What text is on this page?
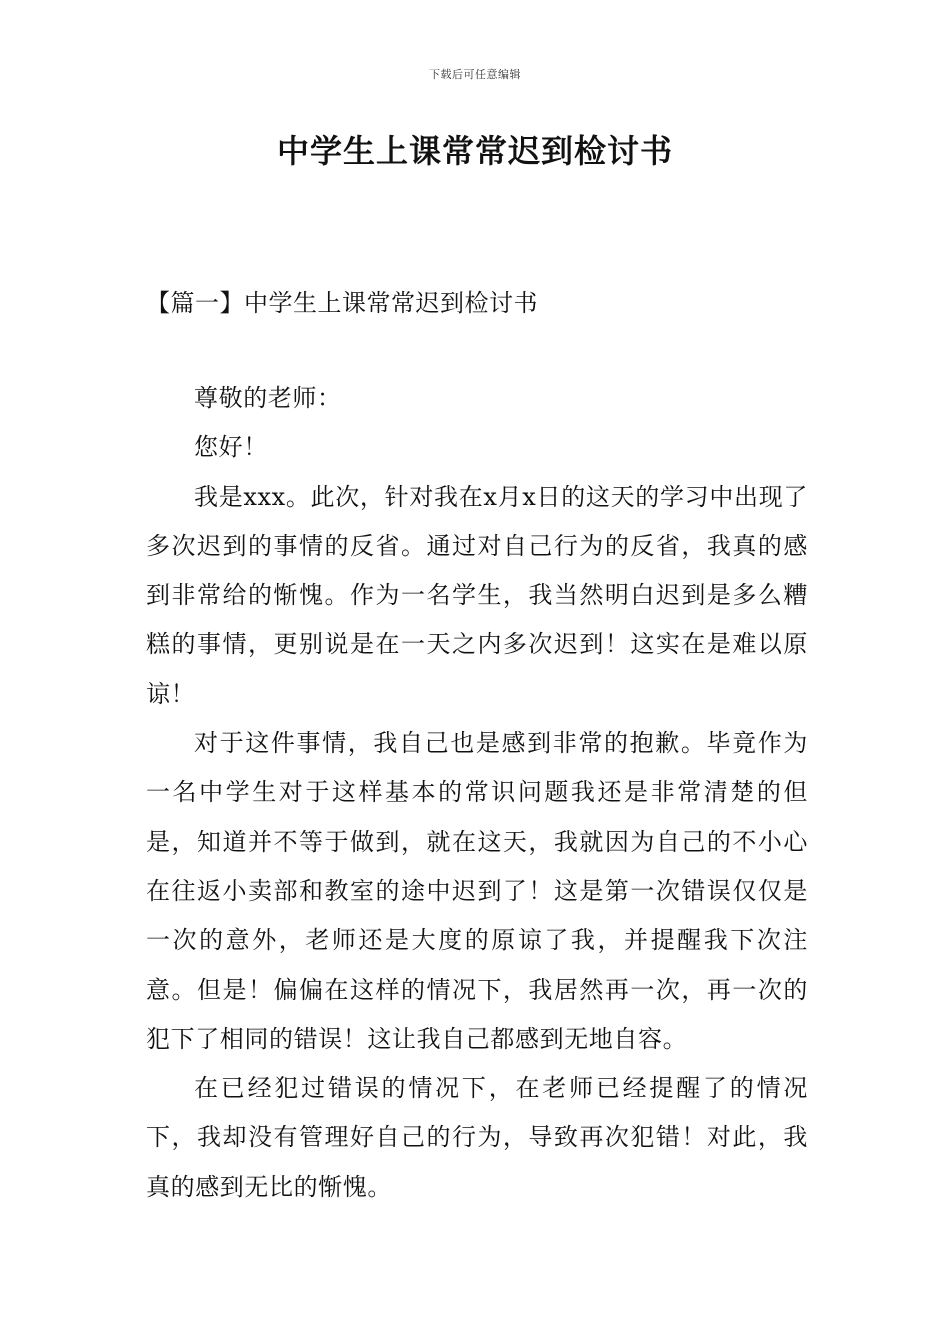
下载后可任意编辑
中学生上课常常迟到检讨书
【篇一】中学生上课常常迟到检讨书

尊敬的老师：

您好！

我是xxx。此次，针对我在x月x日的这天的学习中出现了多次迟到的事情的反省。通过对自己行为的反省，我真的感到非常给的惭愧。作为一名学生，我当然明白迟到是多么糟糕的事情，更别说是在一天之内多次迟到！这实在是难以原谅！

对于这件事情，我自己也是感到非常的抱歉。毕竟作为一名中学生对于这样基本的常识问题我还是非常清楚的但是，知道并不等于做到，就在这天，我就因为自己的不小心在往返小卖部和教室的途中迟到了！这是第一次错误仅仅是一次的意外，老师还是大度的原谅了我，并提醒我下次注意。但是！偏偏在这样的情况下，我居然再一次，再一次的犯下了相同的错误！这让我自己都感到无地自容。

在已经犯过错误的情况下，在老师已经提醒了的情况下，我却没有管理好自己的行为，导致再次犯错！对此，我真的感到无比的惭愧。
